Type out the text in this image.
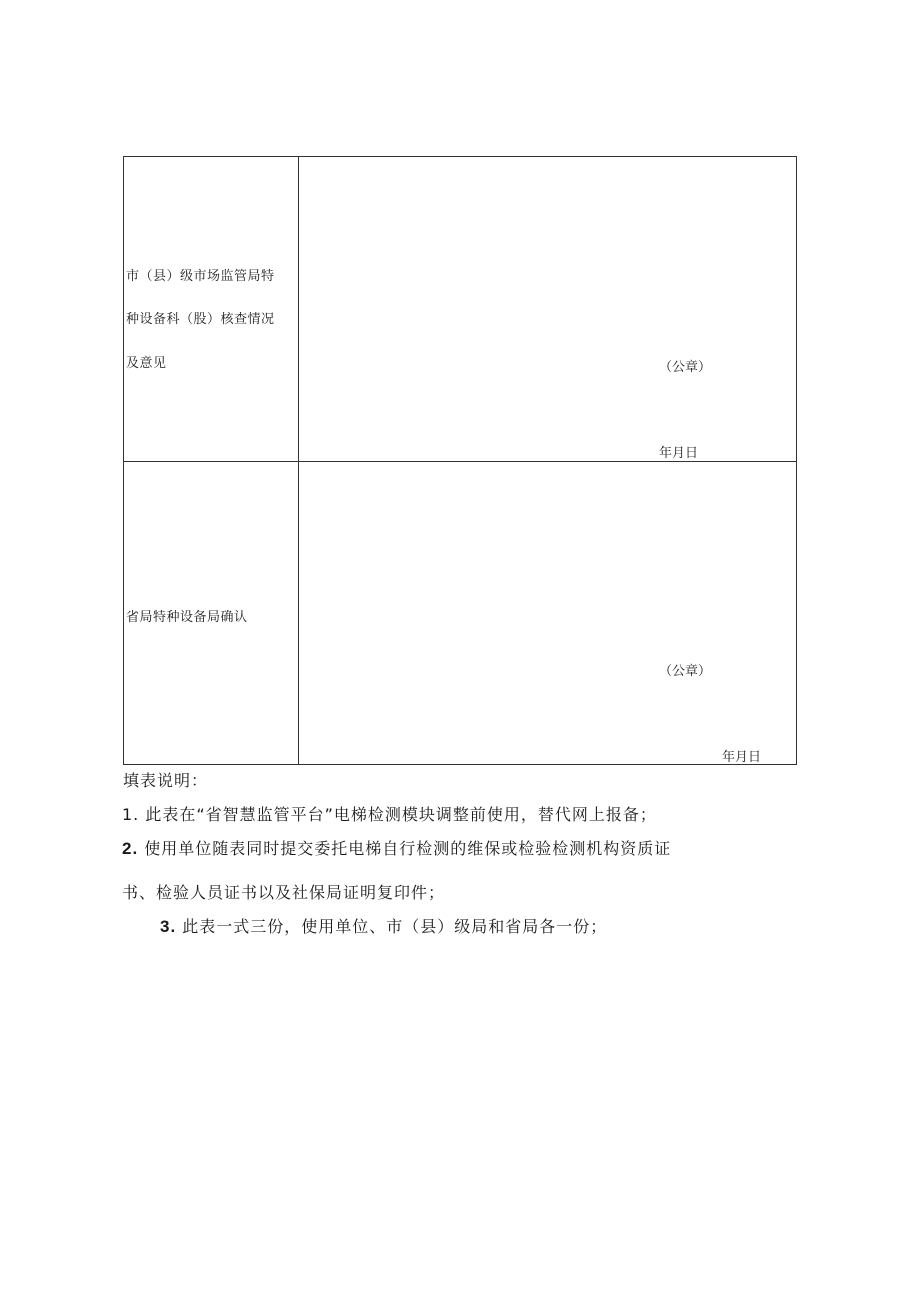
市（县）级市场监管局特
种设备科（股）核查情况
及意见	（公章）
年月日
省局特种设备局确认
（公章）
年月日
填表说明：
1. 此表在“省智慧监管平台”电梯检测模块调整前使用，替代网上报备；
2. 使用单位随表同时提交委托电梯自行检测的维保或检验检测机构资质证
书、检验人员证书以及社保局证明复印件；
3. 此表一式三份，使用单位、市（县）级局和省局各一份；
